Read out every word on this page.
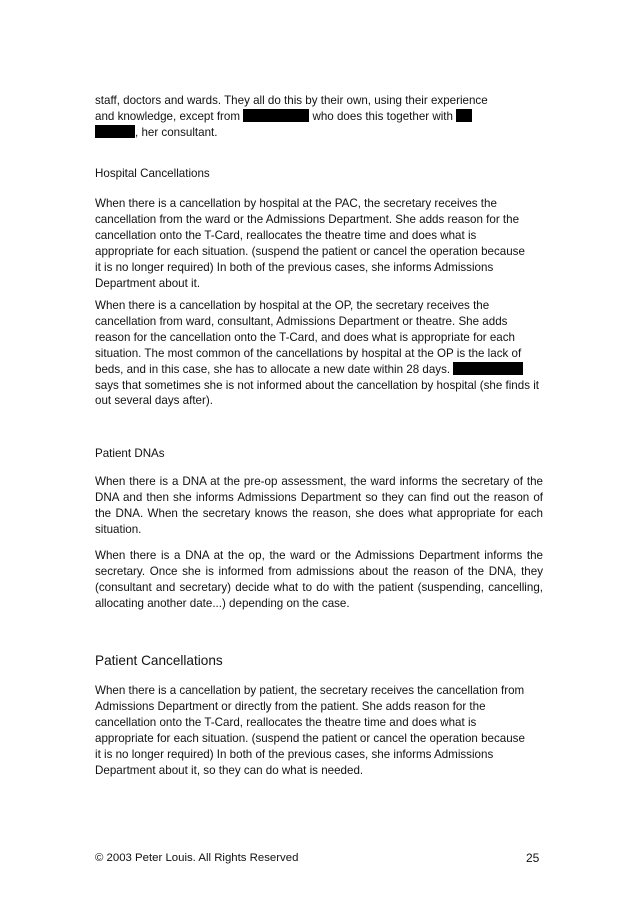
staff, doctors and wards. They all do this by their own, using their experience
and knowledge, except from	who does this together with
, her consultant.

Hospital Cancellations

When there is a cancellation by hospital at the PAC, the secretary receives the cancellation from the ward or the Admissions Department. She adds reason for the cancellation onto the T-Card, reallocates the theatre time and does what is appropriate for each situation. (suspend the patient or cancel the operation because it is no longer required) In both of the previous cases, she informs Admissions Department about it.

When there is a cancellation by hospital at the OP, the secretary receives the cancellation from ward, consultant, Admissions Department or theatre. She adds reason for the cancellation onto the T-Card, and does what is appropriate for each situation. The most common of the cancellations by hospital at the OP is the lack of beds, and in this case, she has to allocate a new date within 28 days.  says that sometimes she is not informed about the cancellation by hospital (she finds it out several days after).

Patient DNAs

When there is a DNA at the pre-op assessment, the ward informs the secretary of the DNA and then she informs Admissions Department so they can find out the reason of the DNA. When the secretary knows the reason, she does what appropriate for each situation.

When there is a DNA at the op, the ward or the Admissions Department informs the secretary. Once she is informed from admissions about the reason of the DNA, they (consultant and secretary) decide what to do with the patient (suspending, cancelling, allocating another date...) depending on the case.

Patient Cancellations

When there is a cancellation by patient, the secretary receives the cancellation from Admissions Department or directly from the patient. She adds reason for the cancellation onto the T-Card, reallocates the theatre time and does what is appropriate for each situation. (suspend the patient or cancel the operation because it is no longer required) In both of the previous cases, she informs Admissions Department about it, so they can do what is needed.

© 2003 Peter Louis. All Rights Reserved	25
